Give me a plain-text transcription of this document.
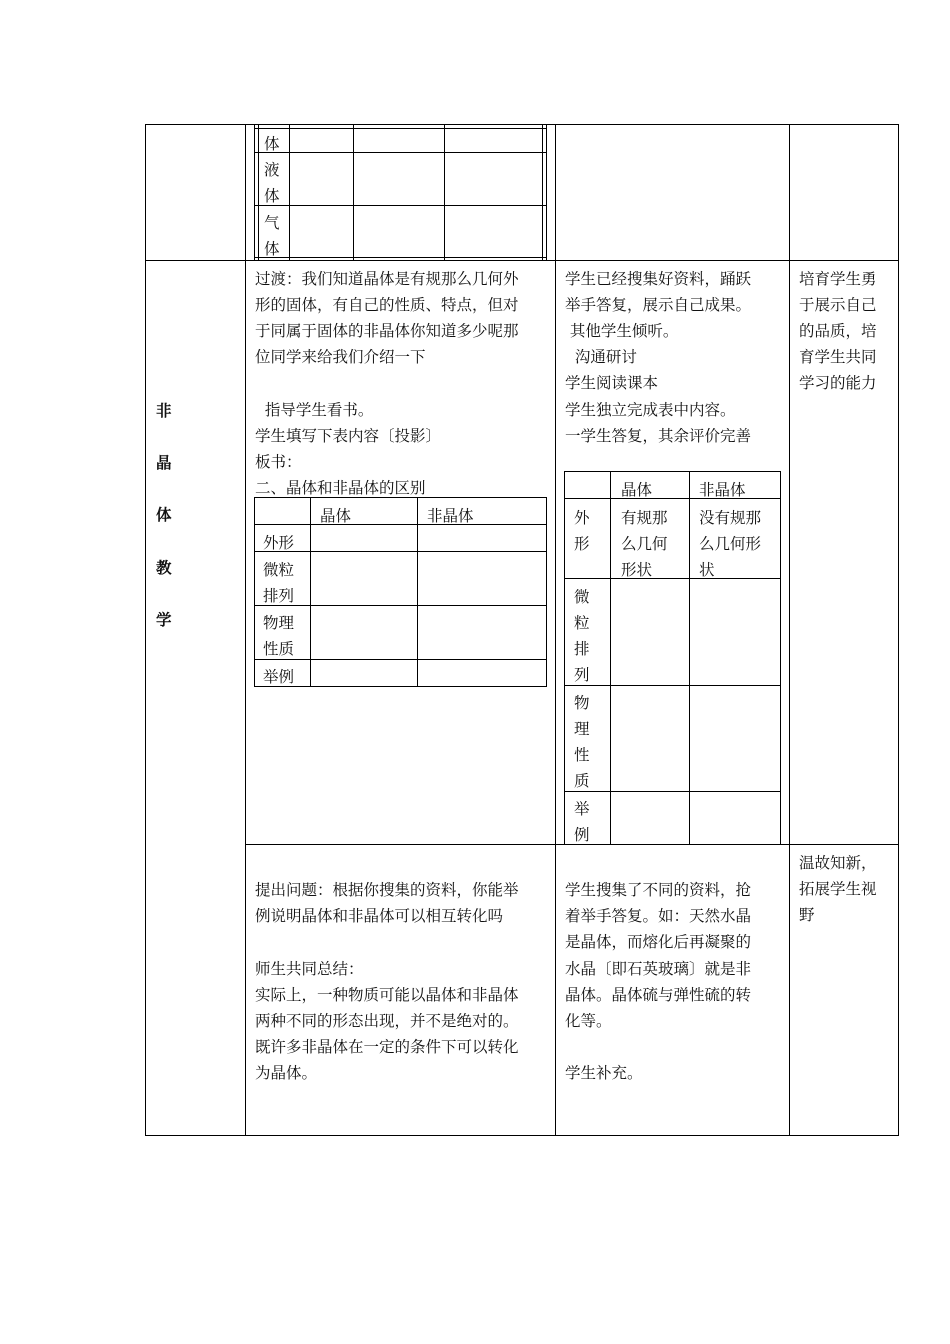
体
液
体
气
体
非
晶
体
教
学
过渡：我们知道晶体是有规那么几何外
形的固体，有自己的性质、特点，但对
于同属于固体的非晶体你知道多少呢那
位同学来给我们介绍一下
指导学生看书。
学生填写下表内容〔投影〕
板书：
二、晶体和非晶体的区别
晶体	非晶体
外形
微粒
排列
物理
性质
举例
学生已经搜集好资料，踊跃
举手答复，展示自己成果。
其他学生倾听。
沟通研讨
学生阅读课本
学生独立完成表中内容。
一学生答复，其余评价完善
晶体	非晶体
外
形
有规那
么几何
形状
没有规那
么几何形
状
微
粒
排
列
物
理
性
质
举
例
培育学生勇
于展示自己
的品质，培
育学生共同
学习的能力
提出问题：根据你搜集的资料，你能举
例说明晶体和非晶体可以相互转化吗
师生共同总结：
实际上，一种物质可能以晶体和非晶体
两种不同的形态出现，并不是绝对的。
既许多非晶体在一定的条件下可以转化
为晶体。
学生搜集了不同的资料，抢
着举手答复。如：天然水晶
是晶体，而熔化后再凝聚的
水晶〔即石英玻璃〕就是非
晶体。晶体硫与弹性硫的转
化等。
学生补充。
温故知新，
拓展学生视
野
